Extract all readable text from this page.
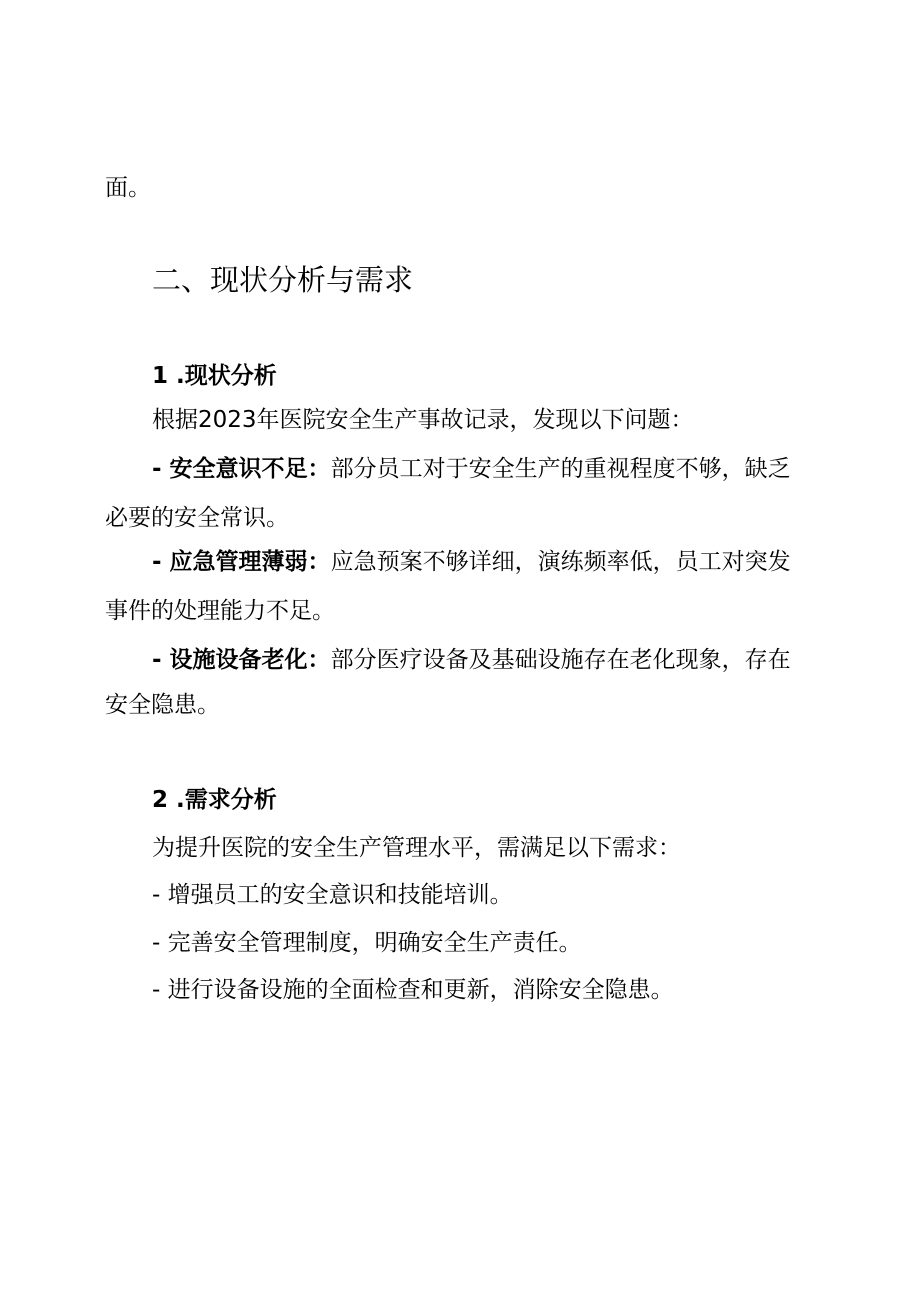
面。
二、现状分析与需求
1 .现状分析
根据2023年医院安全生产事故记录，发现以下问题：
- 安全意识不足：部分员工对于安全生产的重视程度不够，缺乏
必要的安全常识。
- 应急管理薄弱：应急预案不够详细，演练频率低，员工对突发
事件的处理能力不足。
- 设施设备老化：部分医疗设备及基础设施存在老化现象，存在
安全隐患。
2 .需求分析
为提升医院的安全生产管理水平，需满足以下需求：
- 增强员工的安全意识和技能培训。
- 完善安全管理制度，明确安全生产责任。
- 进行设备设施的全面检查和更新，消除安全隐患。
